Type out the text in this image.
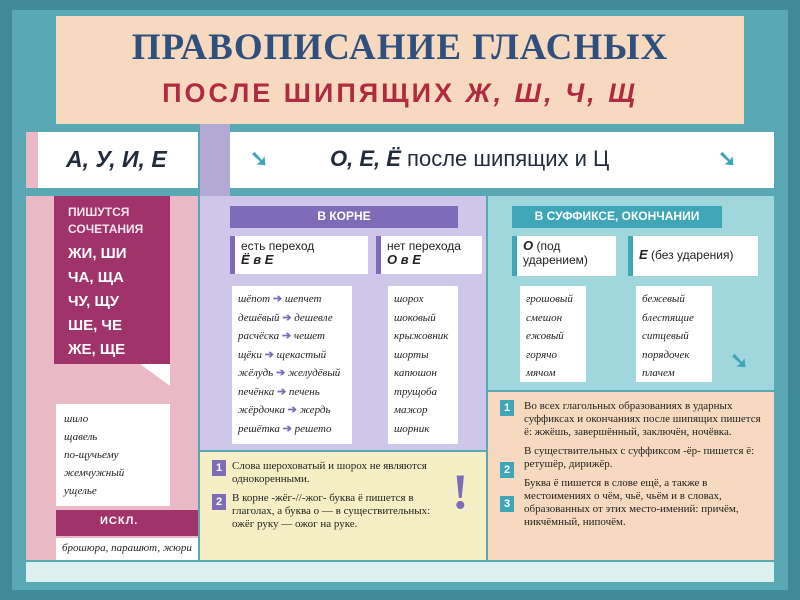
ПРАВОПИСАНИЕ ГЛАСНЫХ
ПОСЛЕ ШИПЯЩИХ Ж, Ш, Ч, Щ
А, У, И, Е	➘	О, Е, Ё после шипящих и Ц	➘
ПИШУТСЯ
СОЧЕТАНИЯ
ЖИ, ШИ
ЧА, ЩА
ЧУ, ЩУ
ШЕ, ЧЕ
ЖЕ, ЩЕ
шило
щавель
по-щучьему
жемчужный
ущелье
ИСКЛ.
брошюра, парашют, жюри
В КОРНЕ
есть переход
Ё в Е
нет перехода
О в Е
шёпот ➔ шепчет
дешёвый ➔ дешевле
расчёска ➔ чешет
щёки ➔ щекастый
жёлудь ➔ желудёвый
печёнка ➔ печень
жёрдочка ➔ жердь
решётка ➔ решето
шорох
шоковый
крыжовник
шорты
капюшон
трущоба
мажор
шорник
В СУФФИКСЕ, ОКОНЧАНИИ
О (под
ударением)	Е (без ударения)
грошовый
смешон
ежовый
горячо
мячом
бежевый
блестящие
ситцевый
порядочек
плачем	➘
1
2
Слова шероховатый и шорох не являются однокоренными.
В корне -жёг-//-жог- буква ё пишется в глаголах, а буква о — в существительных: ожёг руку — ожог на руке.
!
1
2
3
Во всех глагольных образованиях в ударных суффиксах и окончаниях после шипящих пишется ё: жжёшь, завершённый, заключён, ночёвка.
В существительных с суффиксом -ёр- пишется ё: ретушёр, дирижёр.
Буква ё пишется в слове ещё, а также в местоимениях о чём, чьё, чьём и в словах, образованных от этих место-имений: причём, никчёмный, нипочём.
